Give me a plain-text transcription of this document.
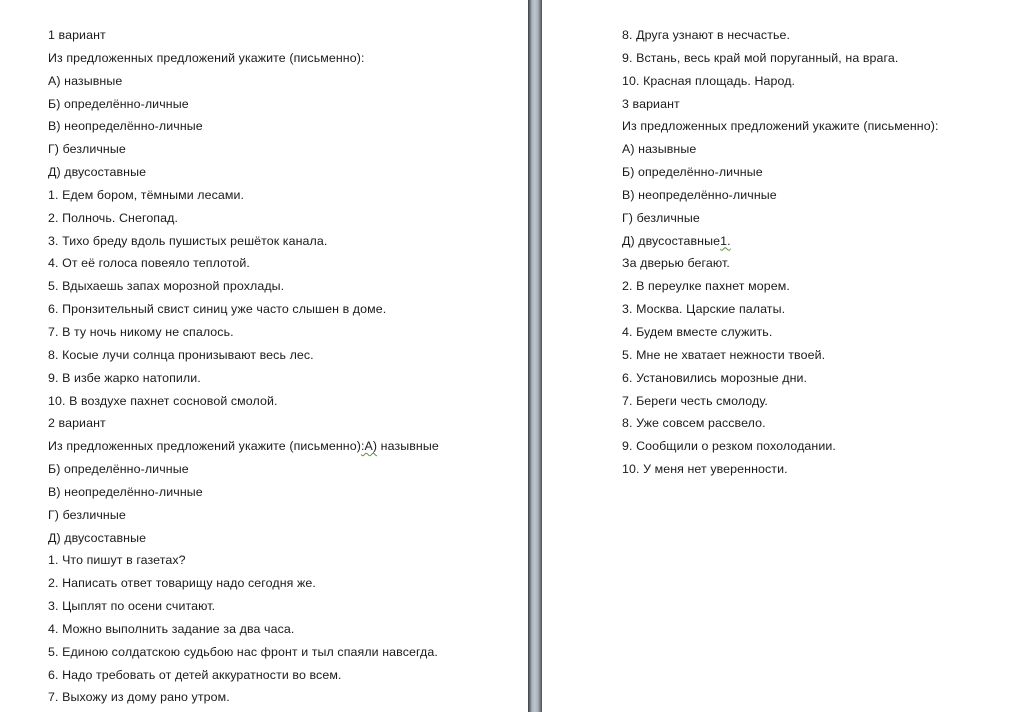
1 вариант
Из предложенных предложений укажите (письменно):
А) назывные
Б) определённо-личные
В) неопределённо-личные
Г) безличные
Д) двусоставные
1. Едем бором, тёмными лесами.
2. Полночь. Снегопад.
3. Тихо бреду вдоль пушистых решёток канала.
4. От её голоса повеяло теплотой.
5. Вдыхаешь запах морозной прохлады.
6. Пронзительный свист синиц уже часто слышен в доме.
7. В ту ночь никому не спалось.
8. Косые лучи солнца пронизывают весь лес.
9. В избе жарко натопили.
10. В воздухе пахнет сосновой смолой.
2 вариант
Из предложенных предложений укажите (письменно):А) назывные
Б) определённо-личные
В) неопределённо-личные
Г) безличные
Д) двусоставные
1. Что пишут в газетах?
2. Написать ответ товарищу надо сегодня же.
3. Цыплят по осени считают.
4. Можно выполнить задание за два часа.
5. Единою солдатскою судьбою нас фронт и тыл спаяли навсегда.
6. Надо требовать от детей аккуратности во всем.
7. Выхожу из дому рано утром.
8. Друга узнают в несчастье.
9. Встань, весь край мой поруганный, на врага.
10. Красная площадь. Народ.
3 вариант
Из предложенных предложений укажите (письменно):
А) назывные
Б) определённо-личные
В) неопределённо-личные
Г) безличные
Д) двусоставные1.
За дверью бегают.
2. В переулке пахнет морем.
3. Москва. Царские палаты.
4. Будем вместе служить.
5. Мне не хватает нежности твоей.
6. Установились морозные дни.
7. Береги честь смолоду.
8. Уже совсем рассвело.
9. Сообщили о резком похолодании.
10. У меня нет уверенности.
